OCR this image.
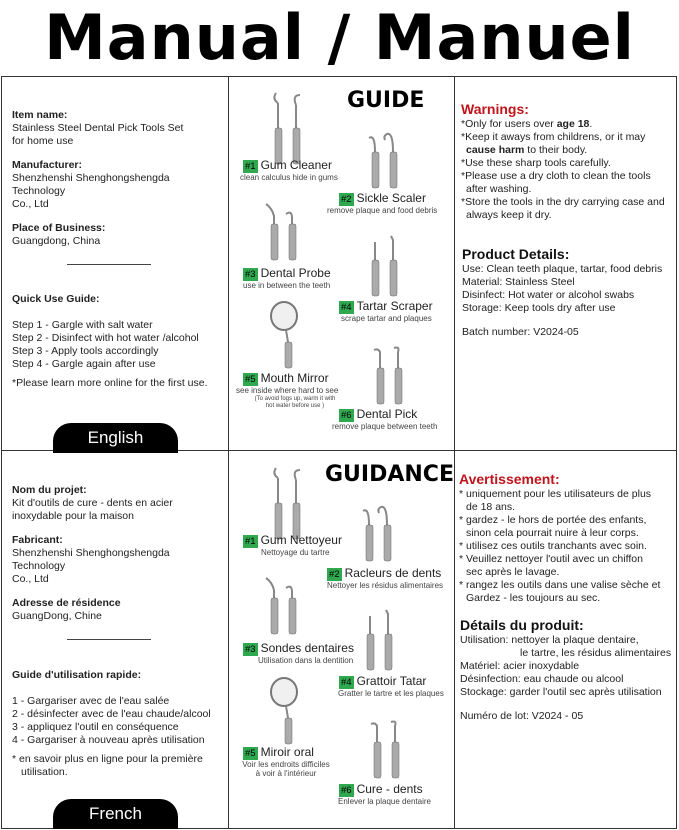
Manual / Manuel

Item name:

Stainless Steel Dental Pick Tools Set

for home use

Manufacturer:

Shenzhenshi Shenghongshengda Technology

Co., Ltd

Place of Business:

Guangdong, China

Quick Use Guide:

Step 1 - Gargle with salt water

Step 2 - Disinfect with hot water /alcohol

Step 3 - Apply tools accordingly

Step 4 - Gargle again after use

*Please learn more online for the first use.

English
GUIDE
#1 Gum Cleaner
clean calculus hide in gums
#2 Sickle Scaler
remove plaque and food debris
#3 Dental Probe
use in between the teeth
#4 Tartar Scraper
scrape tartar and plaques
#5 Mouth Mirror
see inside where hard to see
(To avoid fogs up, warm it with
hot water before use )
#6 Dental Pick
remove plaque between teeth

Warnings:

*Only for users over age 18.

*Keep it aways from childrens, or it may

cause harm to their body.

*Use these sharp tools carefully.

*Please use a dry cloth to clean the tools

after washing.

*Store the tools in the dry carrying case and

always keep it dry.

Product Details:

Use: Clean teeth plaque, tartar, food debris

Material: Stainless Steel

Disinfect: Hot water or alcohol swabs

Storage: Keep tools dry after use

Batch number: V2024-05

Nom du projet:

Kit d'outils de cure - dents en acier

inoxydable pour la maison

Fabricant:

Shenzhenshi Shenghongshengda Technology

Co., Ltd

Adresse de résidence

GuangDong, Chine

Guide d'utilisation rapide:

1 - Gargariser avec de l'eau salée

2 - désinfecter avec de l'eau chaude/alcool

3 - appliquez l'outil en conséquence

4 - Gargariser à nouveau après utilisation

* en savoir plus en ligne pour la première

utilisation.

French
GUIDANCE
#1 Gum Nettoyeur
Nettoyage du tartre
#2 Racleurs de dents
Nettoyer les résidus alimentaires
#3 Sondes dentaires
Utilisation dans la dentition
#4 Grattoir Tatar
Gratter le tartre et les plaques
#5 Miroir oral
Voir les endroits difficiles
à voir à l'intérieur
#6 Cure - dents
Enlever la plaque dentaire

Avertissement:

* uniquement pour les utilisateurs de plus

de 18 ans.

* gardez - le hors de portée des enfants,

sinon cela pourrait nuire à leur corps.

* utilisez ces outils tranchants avec soin.

* Veuillez nettoyer l'outil avec un chiffon

sec après le lavage.

* rangez les outils dans une valise sèche et

Gardez - les toujours au sec.

Détails du produit:

Utilisation: nettoyer la plaque dentaire,

le tartre, les résidus alimentaires

Matériel: acier inoxydable

Désinfection: eau chaude ou alcool

Stockage: garder l'outil sec après utilisation

Numéro de lot: V2024 - 05
